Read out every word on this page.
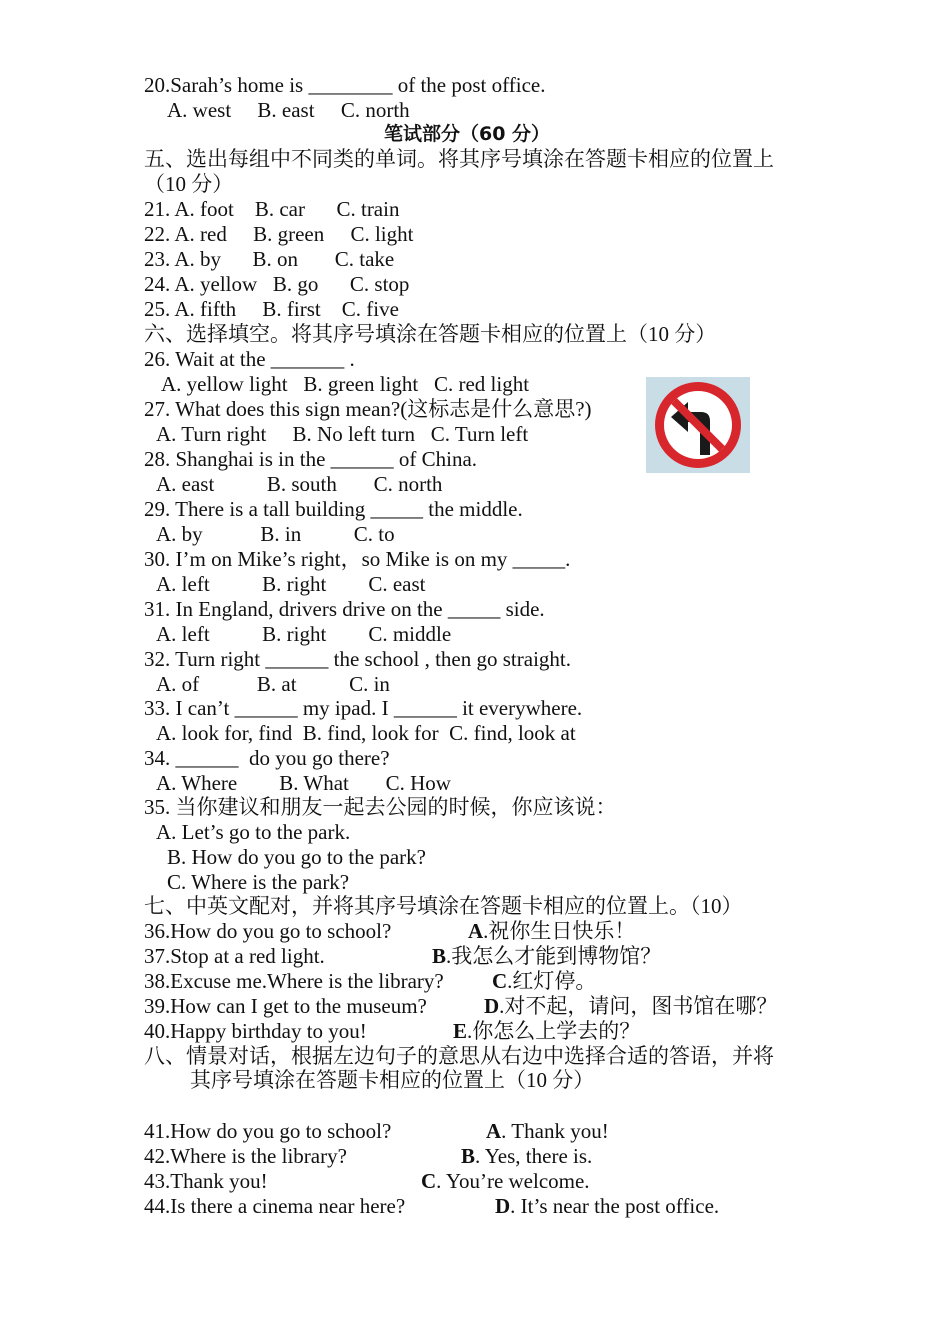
20.Sarah’s home is ________ of the post office.
A. west     B. east     C. north
笔试部分（60 分）
五、选出每组中不同类的单词。将其序号填涂在答题卡相应的位置上
（10 分）
21. A. foot    B. car      C. train
22. A. red     B. green     C. light
23. A. by      B. on       C. take
24. A. yellow   B. go      C. stop
25. A. fifth     B. first    C. five
六、选择填空。将其序号填涂在答题卡相应的位置上（10 分）
26. Wait at the _______ .
A. yellow light   B. green light   C. red light
27. What does this sign mean?(这标志是什么意思?)
A. Turn right     B. No left turn   C. Turn left
28. Shanghai is in the ______ of China.
A. east          B. south       C. north
29. There is a tall building _____ the middle.
A. by           B. in          C. to
30. I’m on Mike’s right，so Mike is on my _____.
A. left          B. right        C. east
31. In England, drivers drive on the _____ side.
A. left          B. right        C. middle
32. Turn right ______ the school , then go straight.
A. of           B. at          C. in
33. I can’t ______ my ipad. I ______ it everywhere.
A. look for, find  B. find, look for  C. find, look at
34. ______  do you go there?
A. Where        B. What       C. How
35. 当你建议和朋友一起去公园的时候，你应该说：
A. Let’s go to the park.
B. How do you go to the park?
C. Where is the park?
七、中英文配对，并将其序号填涂在答题卡相应的位置上。（10）
36.How do you go to school?	A.祝你生日快乐！
37.Stop at a red light.	B.我怎么才能到博物馆？
38.Excuse me.Where is the library? C.红灯停。
39.How can I get to the museum?	D.对不起，请问，图书馆在哪？
40.Happy birthday to you!	E.你怎么上学去的？
八、情景对话，根据左边句子的意思从右边中选择合适的答语，并将
其序号填涂在答题卡相应的位置上（10 分）
41.How do you go to school?	A. Thank you!
42.Where is the library?	B. Yes, there is.
43.Thank you!	C. You’re welcome.
44.Is there a cinema near here?	D. It’s near the post office.
